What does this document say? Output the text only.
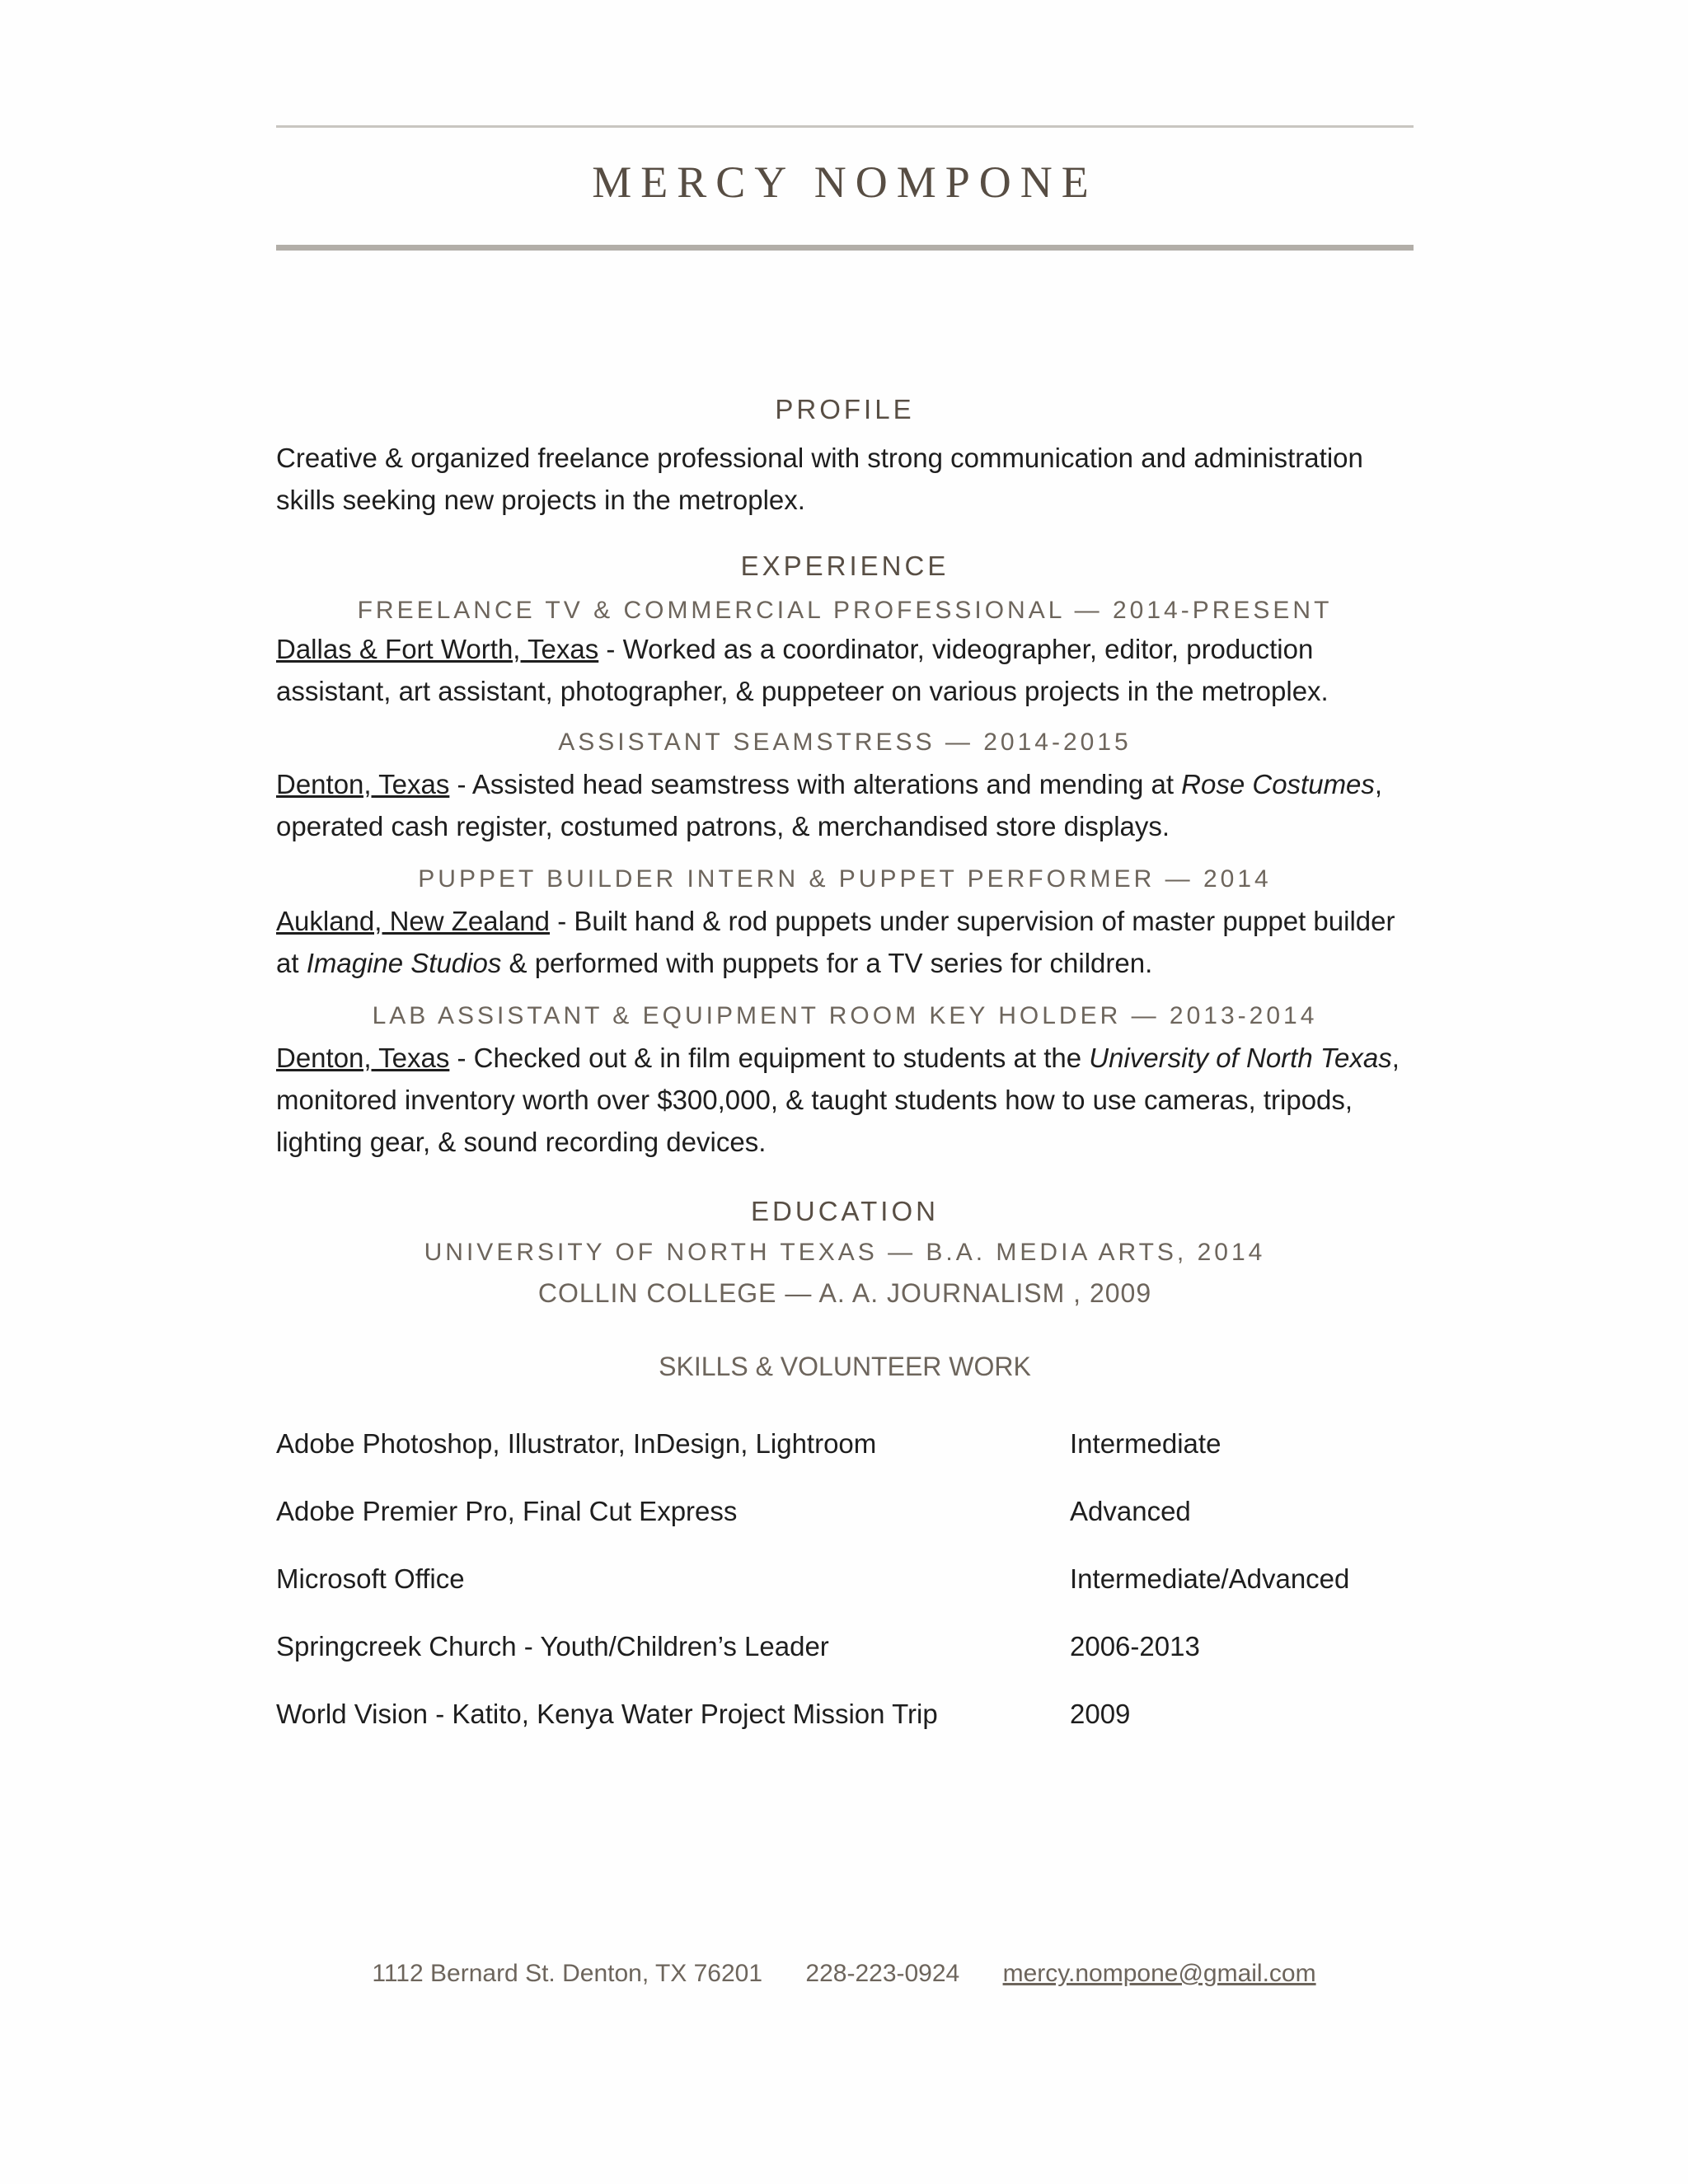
MERCY NOMPONE
PROFILE

Creative & organized freelance professional with strong communication and administration skills seeking new projects in the metroplex.

EXPERIENCE

FREELANCE TV & COMMERCIAL PROFESSIONAL — 2014-PRESENT

Dallas & Fort Worth, Texas - Worked as a coordinator, videographer, editor, production assistant, art assistant, photographer, & puppeteer on various projects in the metroplex.

ASSISTANT SEAMSTRESS — 2014-2015

Denton, Texas - Assisted head seamstress with alterations and mending at Rose Costumes, operated cash register, costumed patrons, & merchandised store displays.

PUPPET BUILDER INTERN & PUPPET PERFORMER — 2014

Aukland, New Zealand - Built hand & rod puppets under supervision of master puppet builder at Imagine Studios & performed with puppets for a TV series for children.

LAB ASSISTANT & EQUIPMENT ROOM KEY HOLDER — 2013-2014

Denton, Texas - Checked out & in film equipment to students at the University of North Texas, monitored inventory worth over $300,000, & taught students how to use cameras, tripods, lighting gear, & sound recording devices.

EDUCATION

UNIVERSITY OF NORTH TEXAS — B.A. MEDIA ARTS, 2014

COLLIN COLLEGE — A. A. JOURNALISM , 2009

SKILLS & VOLUNTEER WORK

Adobe Photoshop, Illustrator, InDesign, Lightroom	Intermediate
Adobe Premier Pro, Final Cut Express	Advanced
Microsoft Office	Intermediate/Advanced
Springcreek Church - Youth/Children’s Leader	2006-2013
World Vision - Katito, Kenya Water Project Mission Trip	2009
1112 Bernard St. Denton, TX 76201 228-223-0924 mercy.nompone@gmail.com
